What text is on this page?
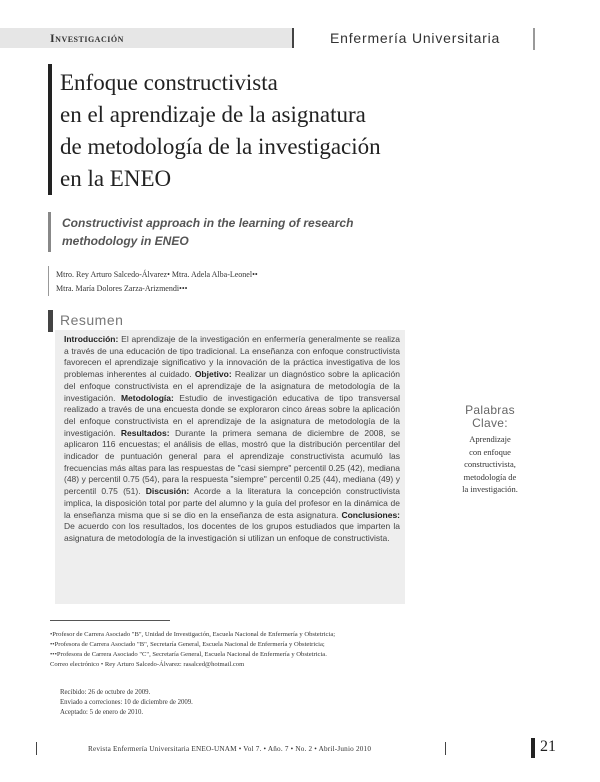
Investigación	Enfermería Universitaria
Enfoque constructivista
en el aprendizaje de la asignatura
de metodología de la investigación
en la ENEO
Constructivist approach in the learning of research
methodology in ENEO
Mtro. Rey Arturo Salcedo-Álvarez• Mtra. Adela Alba-Leonel••
Mtra. María Dolores Zarza-Arizmendi•••
Resumen
Introducción: El aprendizaje de la investigación en enfermería generalmente se realiza a través de una educación de tipo tradicional. La enseñanza con enfoque constructivista favorecen el aprendizaje significativo y la innovación de la práctica investigativa de los problemas inherentes al cuidado. Objetivo: Realizar un diagnóstico sobre la aplicación del enfoque constructivista en el aprendizaje de la asignatura de metodología de la investigación. Metodología: Estudio de investigación educativa de tipo transversal realizado a través de una encuesta donde se exploraron cinco áreas sobre la aplicación del enfoque constructivista en el aprendizaje de la asignatura de metodología de la investigación. Resultados: Durante la primera semana de diciembre de 2008, se aplicaron 116 encuestas; el análisis de ellas, mostró que la distribución percentilar del indicador de puntuación general para el aprendizaje constructivista acumuló las frecuencias más altas para las respuestas de "casi siempre" percentil 0.25 (42), mediana (48) y percentil 0.75 (54), para la respuesta "siempre" percentil 0.25 (44), mediana (49) y percentil 0.75 (51). Discusión: Acorde a la literatura la concepción constructivista implica, la disposición total por parte del alumno y la guía del profesor en la dinámica de la enseñanza misma que si se dio en la enseñanza de esta asignatura. Conclusiones: De acuerdo con los resultados, los docentes de los grupos estudiados que imparten la asignatura de metodología de la investigación si utilizan un enfoque de constructivista.
Palabras
Clave:
Aprendizaje
con enfoque
constructivista,
metodología de
la investigación.
•Profesor de Carrera Asociado "B", Unidad de Investigación, Escuela Nacional de Enfermería y Obstetricia;
••Profesora de Carrera Asociado "B", Secretaría General, Escuela Nacional de Enfermería y Obstetricia;
•••Profesora de Carrera Asociado "C", Secretaría General, Escuela Nacional de Enfermería y Obstetricia.
Correo electrónico • Rey Arturo Salcedo-Álvarez: rasalced@hotmail.com
Recibido: 26 de octubre de 2009.
Enviado a correciones: 10 de diciembre de 2009.
Aceptado: 5 de enero de 2010.
Revista Enfermería Universitaria ENEO-UNAM • Vol 7. • Año. 7 • No. 2 • Abril-Junio 2010	21
